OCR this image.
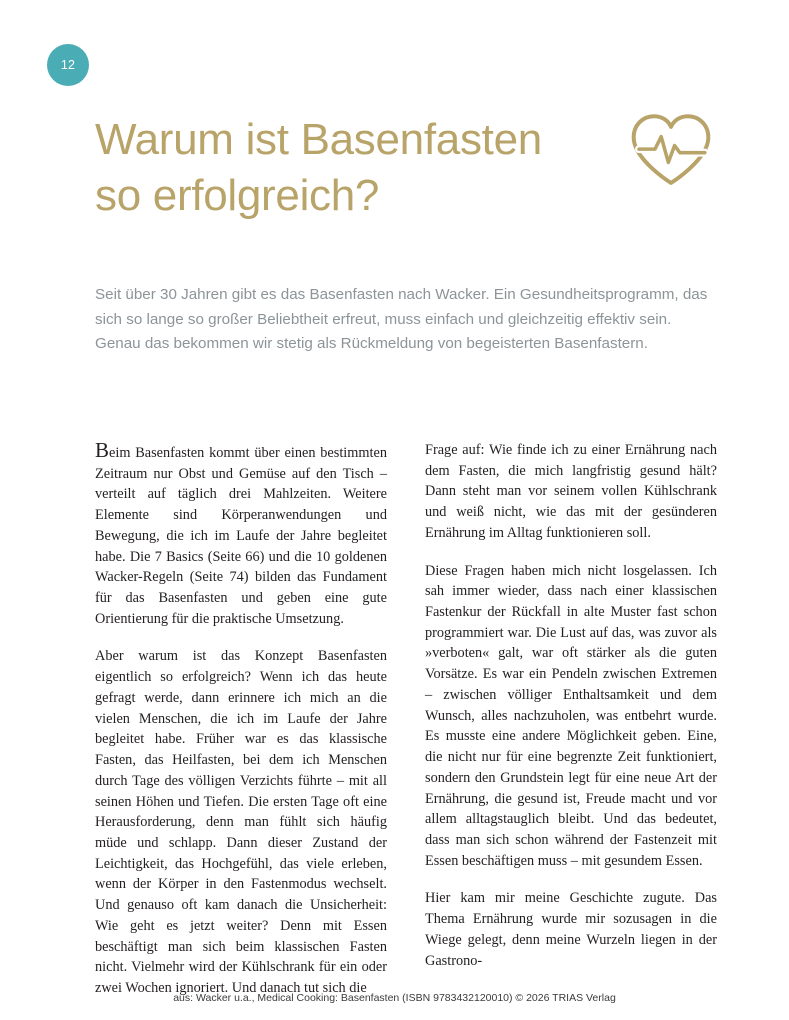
12
Warum ist Basenfasten
so erfolgreich?

Seit über 30 Jahren gibt es das Basenfasten nach Wacker. Ein Gesundheitsprogramm, das sich so lange so großer Beliebtheit erfreut, muss einfach und gleichzeitig effektiv sein. Genau das bekommen wir stetig als Rückmeldung von begeisterten Basenfastern.

Beim Basenfasten kommt über einen bestimmten Zeitraum nur Obst und Gemüse auf den Tisch – verteilt auf täglich drei Mahlzeiten. Weitere Elemente sind Körperanwendungen und Bewegung, die ich im Laufe der Jahre begleitet habe. Die 7 Basics (Seite 66) und die 10 goldenen Wacker-Regeln (Seite 74) bilden das Fundament für das Basenfasten und geben eine gute Orientierung für die praktische Umsetzung.

Aber warum ist das Konzept Basenfasten eigentlich so erfolgreich? Wenn ich das heute gefragt werde, dann erinnere ich mich an die vielen Menschen, die ich im Laufe der Jahre begleitet habe. Früher war es das klassische Fasten, das Heilfasten, bei dem ich Menschen durch Tage des völligen Verzichts führte – mit all seinen Höhen und Tiefen. Die ersten Tage oft eine Herausforderung, denn man fühlt sich häufig müde und schlapp. Dann dieser Zustand der Leichtigkeit, das Hochgefühl, das viele erleben, wenn der Körper in den Fastenmodus wechselt. Und genauso oft kam danach die Unsicherheit: Wie geht es jetzt weiter? Denn mit Essen beschäftigt man sich beim klassischen Fasten nicht. Vielmehr wird der Kühlschrank für ein oder zwei Wochen ignoriert. Und danach tut sich die

Frage auf: Wie finde ich zu einer Ernährung nach dem Fasten, die mich langfristig gesund hält? Dann steht man vor seinem vollen Kühlschrank und weiß nicht, wie das mit der gesünderen Ernährung im Alltag funktionieren soll.

Diese Fragen haben mich nicht losgelassen. Ich sah immer wieder, dass nach einer klassischen Fastenkur der Rückfall in alte Muster fast schon programmiert war. Die Lust auf das, was zuvor als »verboten« galt, war oft stärker als die guten Vorsätze. Es war ein Pendeln zwischen Extremen – zwischen völliger Enthaltsamkeit und dem Wunsch, alles nachzuholen, was entbehrt wurde. Es musste eine andere Möglichkeit geben. Eine, die nicht nur für eine begrenzte Zeit funktioniert, sondern den Grundstein legt für eine neue Art der Ernährung, die gesund ist, Freude macht und vor allem alltagstauglich bleibt. Und das bedeutet, dass man sich schon während der Fastenzeit mit Essen beschäftigen muss – mit gesundem Essen.

Hier kam mir meine Geschichte zugute. Das Thema Ernährung wurde mir sozusagen in die Wiege gelegt, denn meine Wurzeln liegen in der Gastrono-

aus: Wacker u.a., Medical Cooking: Basenfasten (ISBN 9783432120010) © 2026 TRIAS Verlag
